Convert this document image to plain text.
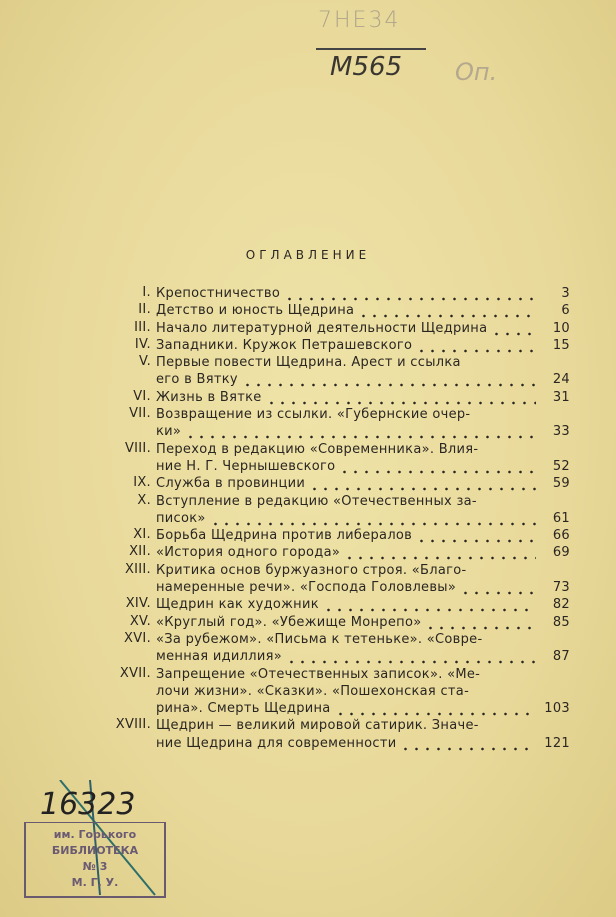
7НЕ34
М565 Оп.
ОГЛАВЛЕНИЕ
I. Крепостничество	3
II. Детство и юность Щедрина	6
III. Начало литературной деятельности Щедрина	10
IV. Западники. Кружок Петрашевского	15
V. Первые повести Щедрина. Арест и ссылка
его в Вятку	24
VI. Жизнь в Вятке	31
VII. Возвращение из ссылки. «Губернские очер-
ки»	33
VIII. Переход в редакцию «Современника». Влия-
ние Н. Г. Чернышевского	52
IX. Служба в провинции	59
X. Вступление в редакцию «Отечественных за-
писок»	61
XI. Борьба Щедрина против либералов	66
XII. «История одного города»	69
XIII. Критика основ буржуазного строя. «Благо-
намеренные речи». «Господа Головлевы»	73
XIV. Щедрин как художник	82
XV. «Круглый год». «Убежище Монрепо»	85
XVI. «За рубежом». «Письма к тетеньке». «Совре-
менная идиллия»	87
XVII. Запрещение «Отечественных записок». «Ме-
лочи жизни». «Сказки». «Пошехонская ста-
рина». Смерть Щедрина	103
XVIII. Щедрин — великий мировой сатирик. Значе-
ние Щедрина для современности	121
16323
им. Горького
БИБЛИОТЕКА
№ 3
М. Г. У.
